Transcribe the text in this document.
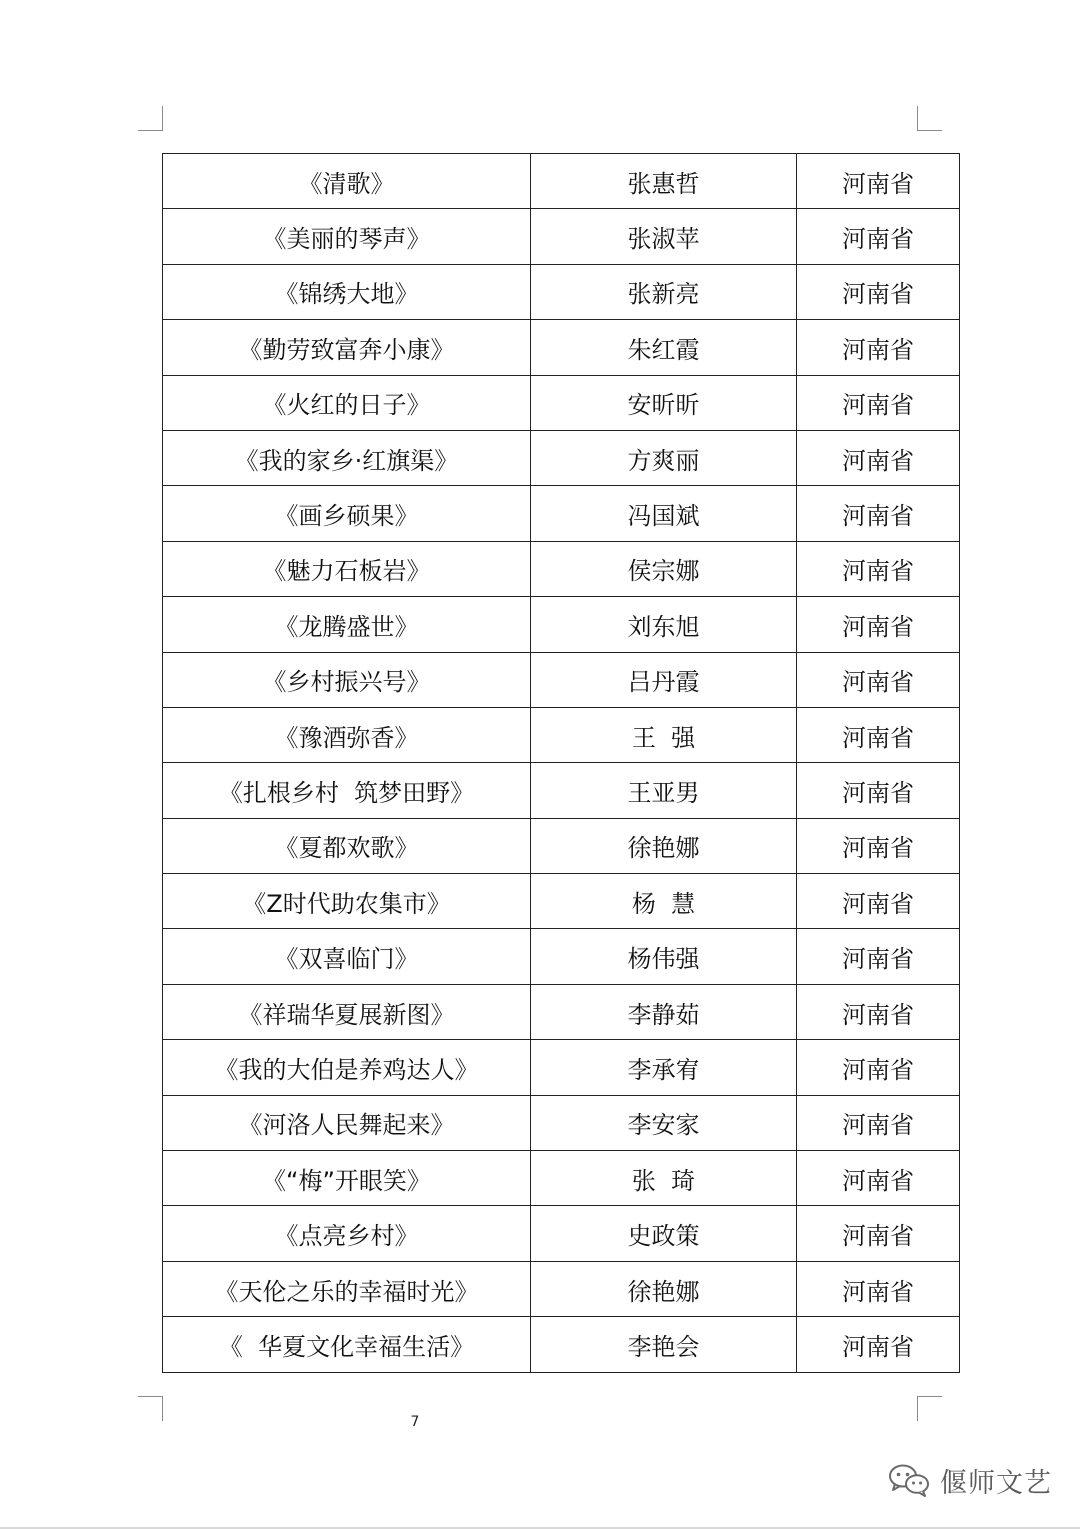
《清歌》	张惠哲	河南省
《美丽的琴声》	张淑苹	河南省
《锦绣大地》	张新亮	河南省
《勤劳致富奔小康》	朱红霞	河南省
《火红的日子》	安昕昕	河南省
《我的家乡·红旗渠》	方爽丽	河南省
《画乡硕果》	冯国斌	河南省
《魅力石板岩》	侯宗娜	河南省
《龙腾盛世》	刘东旭	河南省
《乡村振兴号》	吕丹霞	河南省
《豫酒弥香》	王  强	河南省
《扎根乡村  筑梦田野》	王亚男	河南省
《夏都欢歌》	徐艳娜	河南省
《Z时代助农集市》	杨  慧	河南省
《双喜临门》	杨伟强	河南省
《祥瑞华夏展新图》	李静茹	河南省
《我的大伯是养鸡达人》	李承宥	河南省
《河洛人民舞起来》	李安家	河南省
《“梅”开眼笑》	张  琦	河南省
《点亮乡村》	史政策	河南省
《天伦之乐的幸福时光》	徐艳娜	河南省
《  华夏文化幸福生活》	李艳会	河南省
7
偃师文艺
